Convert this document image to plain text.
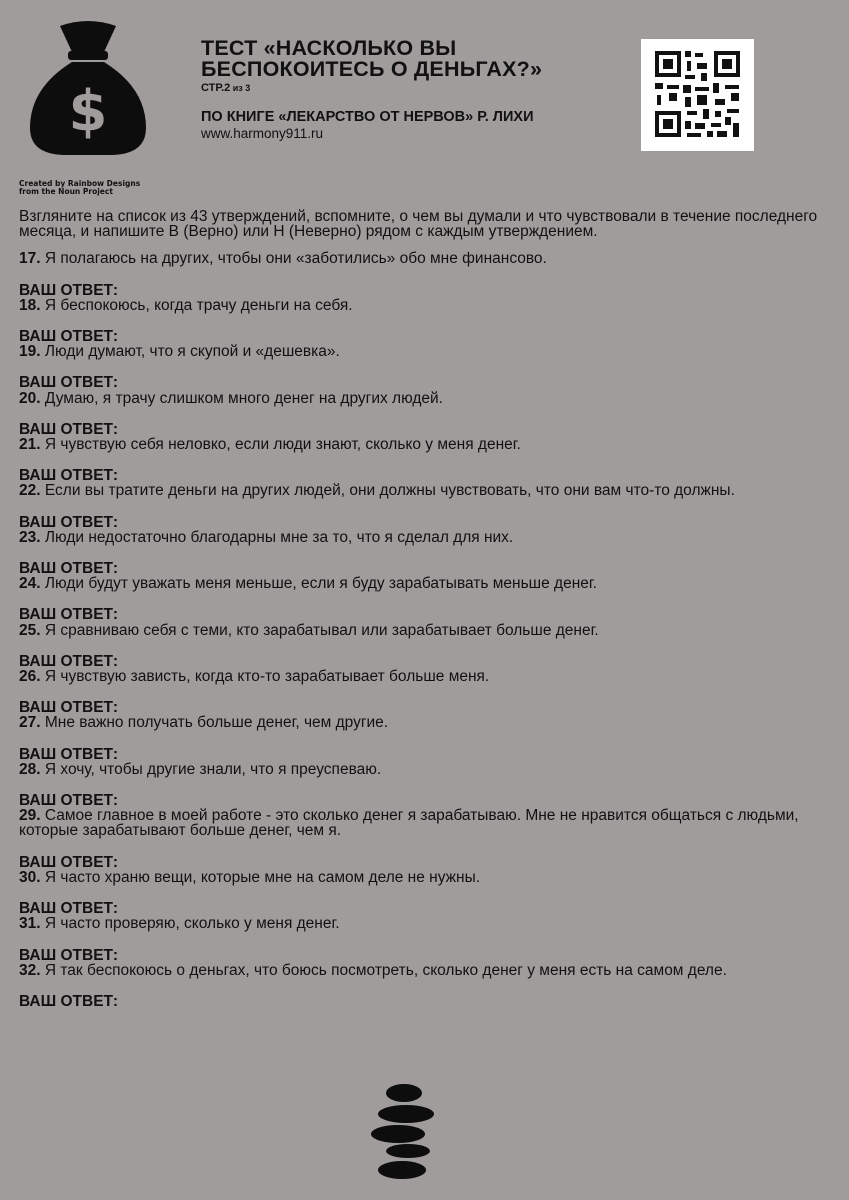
$
Created by Rainbow Designs
from the Noun Project
ТЕСТ «НАСКОЛЬКО ВЫ
БЕСПОКОИТЕСЬ О ДЕНЬГАХ?»
СТР.2 из 3
ПО КНИГЕ «ЛЕКАРСТВО ОТ НЕРВОВ» Р. ЛИХИ
www.harmony911.ru

Взгляните на список из 43 утверждений, вспомните, о чем вы думали и что чувствовали в течение последнего месяца, и напишите В (Верно) или Н (Неверно) рядом с каждым утверждением.

17. Я полагаюсь на других, чтобы они «заботились» обо мне финансово.

ВАШ ОТВЕТ:

18. Я беспокоюсь, когда трачу деньги на себя.

ВАШ ОТВЕТ:

19. Люди думают, что я скупой и «дешевка».

ВАШ ОТВЕТ:

20. Думаю, я трачу слишком много денег на других людей.

ВАШ ОТВЕТ:

21. Я чувствую себя неловко, если люди знают, сколько у меня денег.

ВАШ ОТВЕТ:

22. Если вы тратите деньги на других людей, они должны чувствовать, что они вам что-то должны.

ВАШ ОТВЕТ:

23. Люди недостаточно благодарны мне за то, что я сделал для них.

ВАШ ОТВЕТ:

24. Люди будут уважать меня меньше, если я буду зарабатывать меньше денег.

ВАШ ОТВЕТ:

25. Я сравниваю себя с теми, кто зарабатывал или зарабатывает больше денег.

ВАШ ОТВЕТ:

26. Я чувствую зависть, когда кто-то зарабатывает больше меня.

ВАШ ОТВЕТ:

27. Мне важно получать больше денег, чем другие.

ВАШ ОТВЕТ:

28. Я хочу, чтобы другие знали, что я преуспеваю.

ВАШ ОТВЕТ:

29. Самое главное в моей работе - это сколько денег я зарабатываю. Мне не нравится общаться с людьми, которые зарабатывают больше денег, чем я.

ВАШ ОТВЕТ:

30. Я часто храню вещи, которые мне на самом деле не нужны.

ВАШ ОТВЕТ:

31. Я часто проверяю, сколько у меня денег.

ВАШ ОТВЕТ:

32. Я так беспокоюсь о деньгах, что боюсь посмотреть, сколько денег у меня есть на самом деле.

ВАШ ОТВЕТ:
